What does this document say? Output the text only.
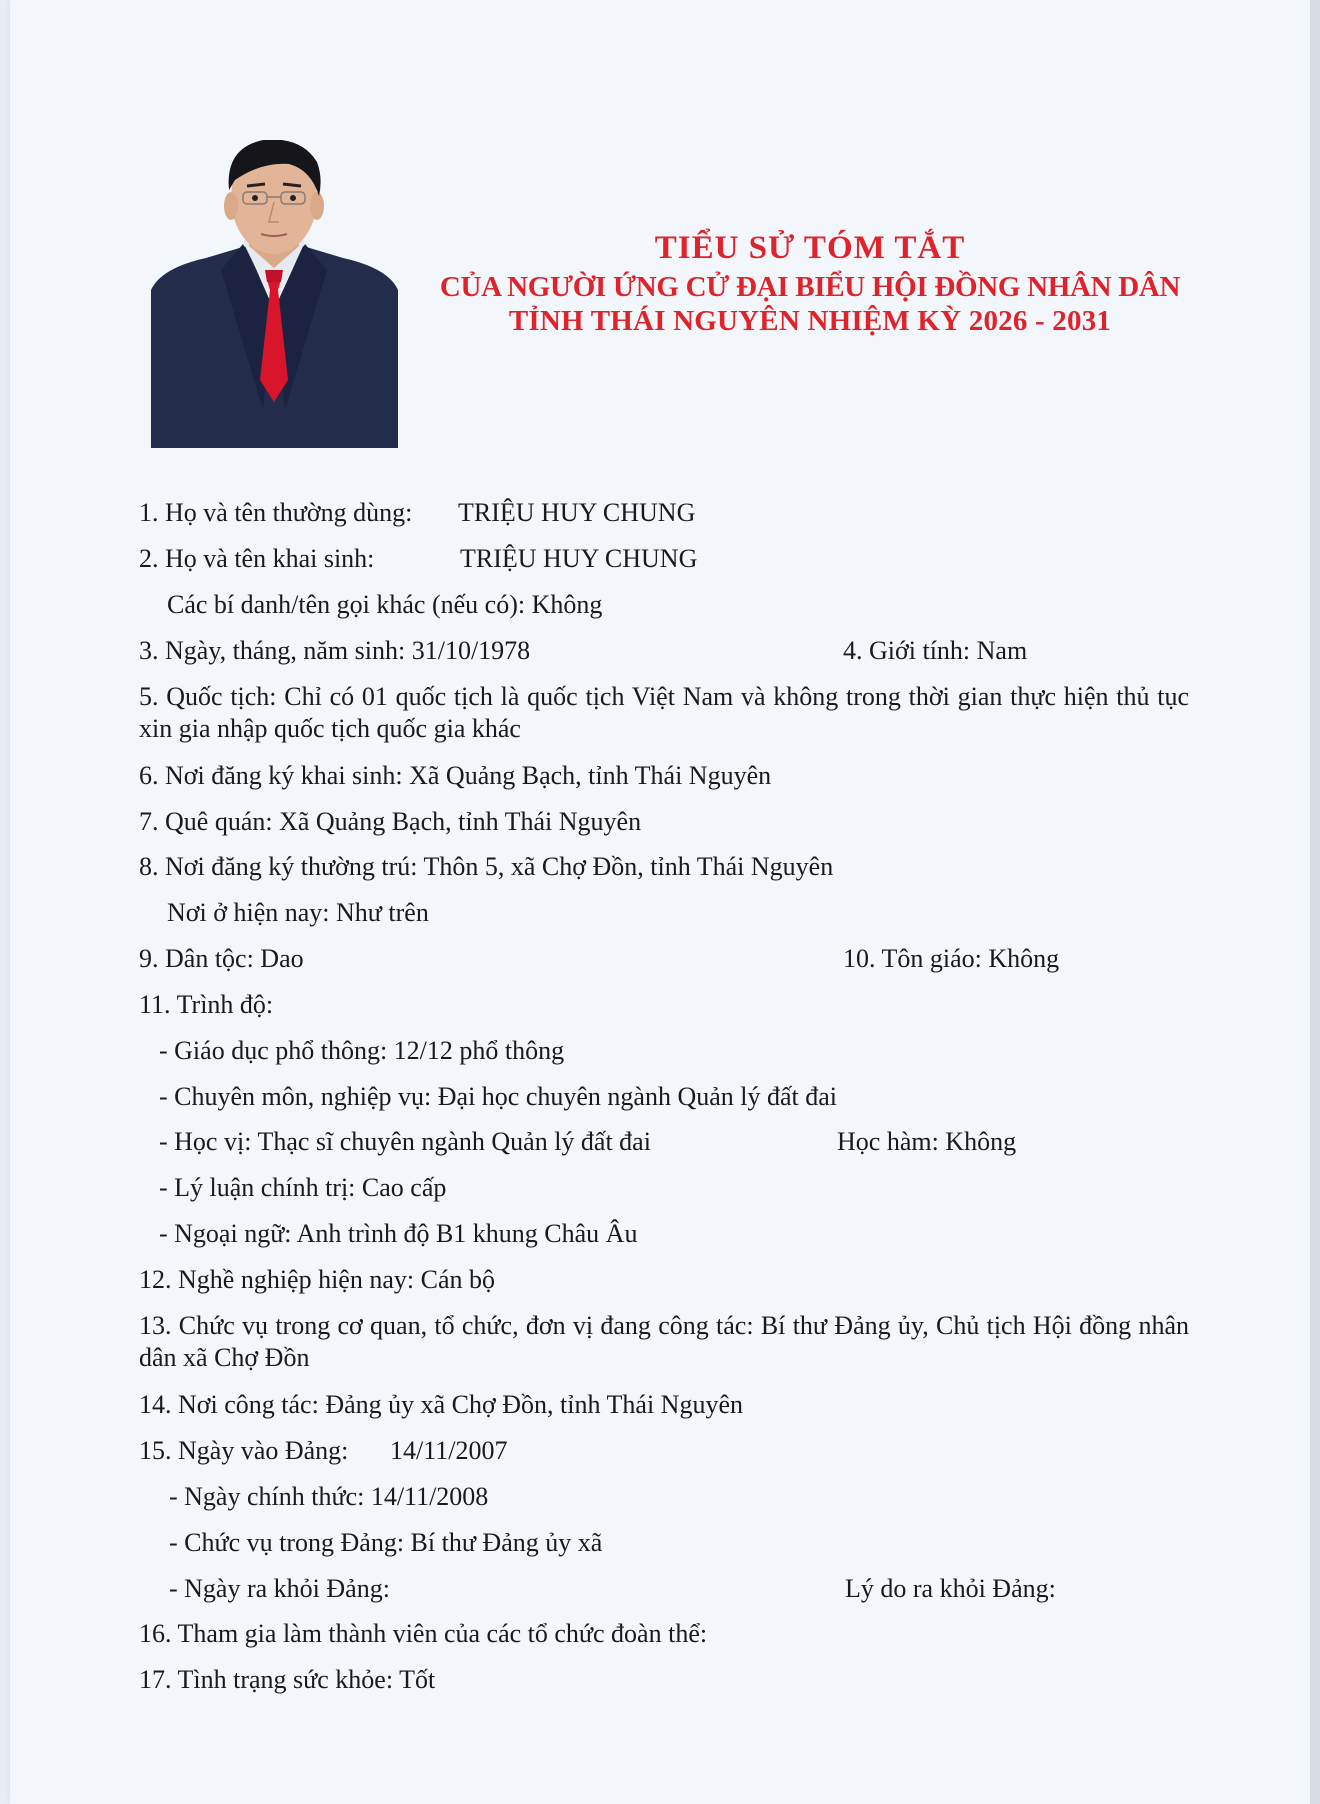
TIỂU SỬ TÓM TẮT
CỦA NGƯỜI ỨNG CỬ ĐẠI BIỂU HỘI ĐỒNG NHÂN DÂN
TỈNH THÁI NGUYÊN NHIỆM KỲ 2026 - 2031
1. Họ và tên thường dùng: TRIỆU HUY CHUNG
2. Họ và tên khai sinh:	TRIỆU HUY CHUNG
Các bí danh/tên gọi khác (nếu có): Không
3. Ngày, tháng, năm sinh: 31/10/1978	4. Giới tính: Nam
5. Quốc tịch: Chỉ có 01 quốc tịch là quốc tịch Việt Nam và không trong thời gian thực hiện thủ tục xin gia nhập quốc tịch quốc gia khác
6. Nơi đăng ký khai sinh: Xã Quảng Bạch, tỉnh Thái Nguyên
7. Quê quán: Xã Quảng Bạch, tỉnh Thái Nguyên
8. Nơi đăng ký thường trú: Thôn 5, xã Chợ Đồn, tỉnh Thái Nguyên
Nơi ở hiện nay: Như trên
9. Dân tộc: Dao	10. Tôn giáo: Không
11. Trình độ:
- Giáo dục phổ thông: 12/12 phổ thông
- Chuyên môn, nghiệp vụ: Đại học chuyên ngành Quản lý đất đai
- Học vị: Thạc sĩ chuyên ngành Quản lý đất đai	Học hàm: Không
- Lý luận chính trị: Cao cấp
- Ngoại ngữ: Anh trình độ B1 khung Châu Âu
12. Nghề nghiệp hiện nay: Cán bộ
13. Chức vụ trong cơ quan, tổ chức, đơn vị đang công tác: Bí thư Đảng ủy, Chủ tịch Hội đồng nhân dân xã Chợ Đồn
14. Nơi công tác: Đảng ủy xã Chợ Đồn, tỉnh Thái Nguyên
15. Ngày vào Đảng: 14/11/2007
- Ngày chính thức: 14/11/2008
- Chức vụ trong Đảng: Bí thư Đảng ủy xã
- Ngày ra khỏi Đảng:	Lý do ra khỏi Đảng:
16. Tham gia làm thành viên của các tổ chức đoàn thể:
17. Tình trạng sức khỏe: Tốt
